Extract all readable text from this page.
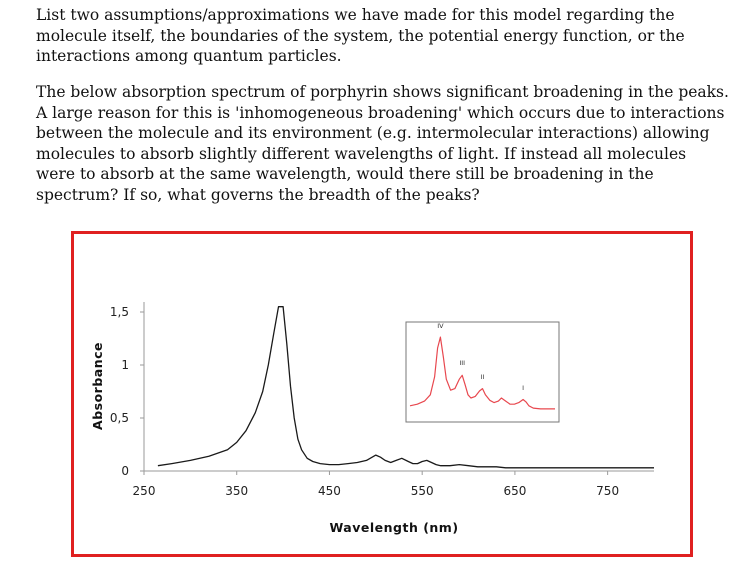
List two assumptions/approximations we have made for this model regarding the molecule itself, the boundaries of the system, the potential energy function, or the interactions among quantum particles.
The below absorption spectrum of porphyrin shows significant broadening in the peaks. A large reason for this is 'inhomogeneous broadening' which occurs due to interactions between the molecule and its environment (e.g. intermolecular interactions) allowing molecules to absorb slightly different wavelengths of light. If instead all molecules were to absorb at the same wavelength, would there still be broadening in the spectrum? If so, what governs the breadth of the peaks?
0
0,5
1
1,5
250	350	450	550	650	750
IV
III
II
I
Wavelength (nm)
Absorbance
